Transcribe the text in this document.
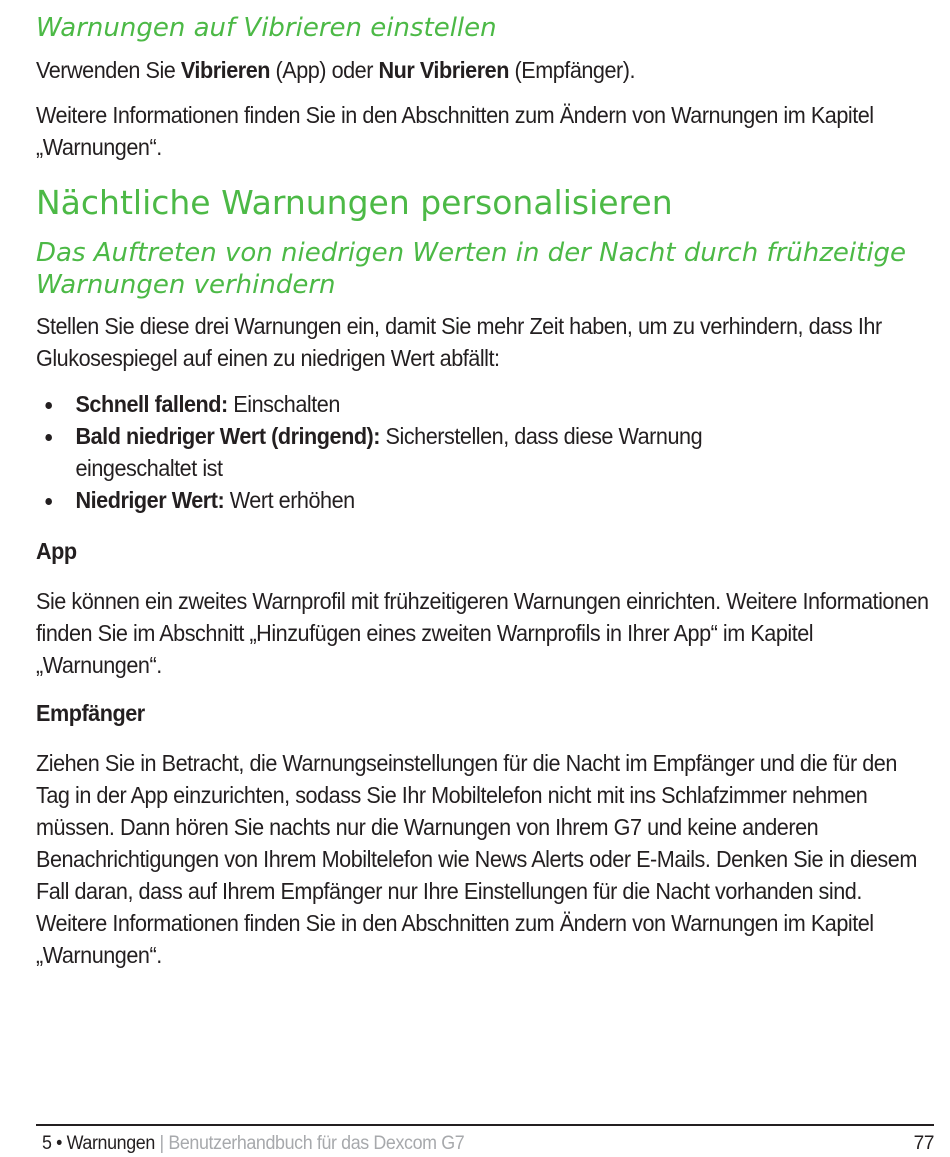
Warnungen auf Vibrieren einstellen

Verwenden Sie Vibrieren (App) oder Nur Vibrieren (Empfänger).

Weitere Informationen finden Sie in den Abschnitten zum Ändern von Warnungen im Kapitel „Warnungen“.

Nächtliche Warnungen personalisieren
Das Auftreten von niedrigen Werten in der Nacht durch frühzeitige Warnungen verhindern

Stellen Sie diese drei Warnungen ein, damit Sie mehr Zeit haben, um zu verhindern, dass Ihr Glukosespiegel auf einen zu niedrigen Wert abfällt:

Schnell fallend: Einschalten
Bald niedriger Wert (dringend): Sicherstellen, dass diese Warnung eingeschaltet ist
Niedriger Wert: Wert erhöhen
App

Sie können ein zweites Warnprofil mit frühzeitigeren Warnungen einrichten. Weitere Informationen finden Sie im Abschnitt „Hinzufügen eines zweiten Warnprofils in Ihrer App“ im Kapitel „Warnungen“.

Empfänger

Ziehen Sie in Betracht, die Warnungseinstellungen für die Nacht im Empfänger und die für den Tag in der App einzurichten, sodass Sie Ihr Mobiltelefon nicht mit ins Schlafzimmer nehmen müssen. Dann hören Sie nachts nur die Warnungen von Ihrem G7 und keine anderen Benachrichtigungen von Ihrem Mobiltelefon wie News Alerts oder E-Mails. Denken Sie in diesem Fall daran, dass auf Ihrem Empfänger nur Ihre Einstellungen für die Nacht vorhanden sind. Weitere Informationen finden Sie in den Abschnitten zum Ändern von Warnungen im Kapitel „Warnungen“.

5 • Warnungen | Benutzerhandbuch für das Dexcom G7	77
